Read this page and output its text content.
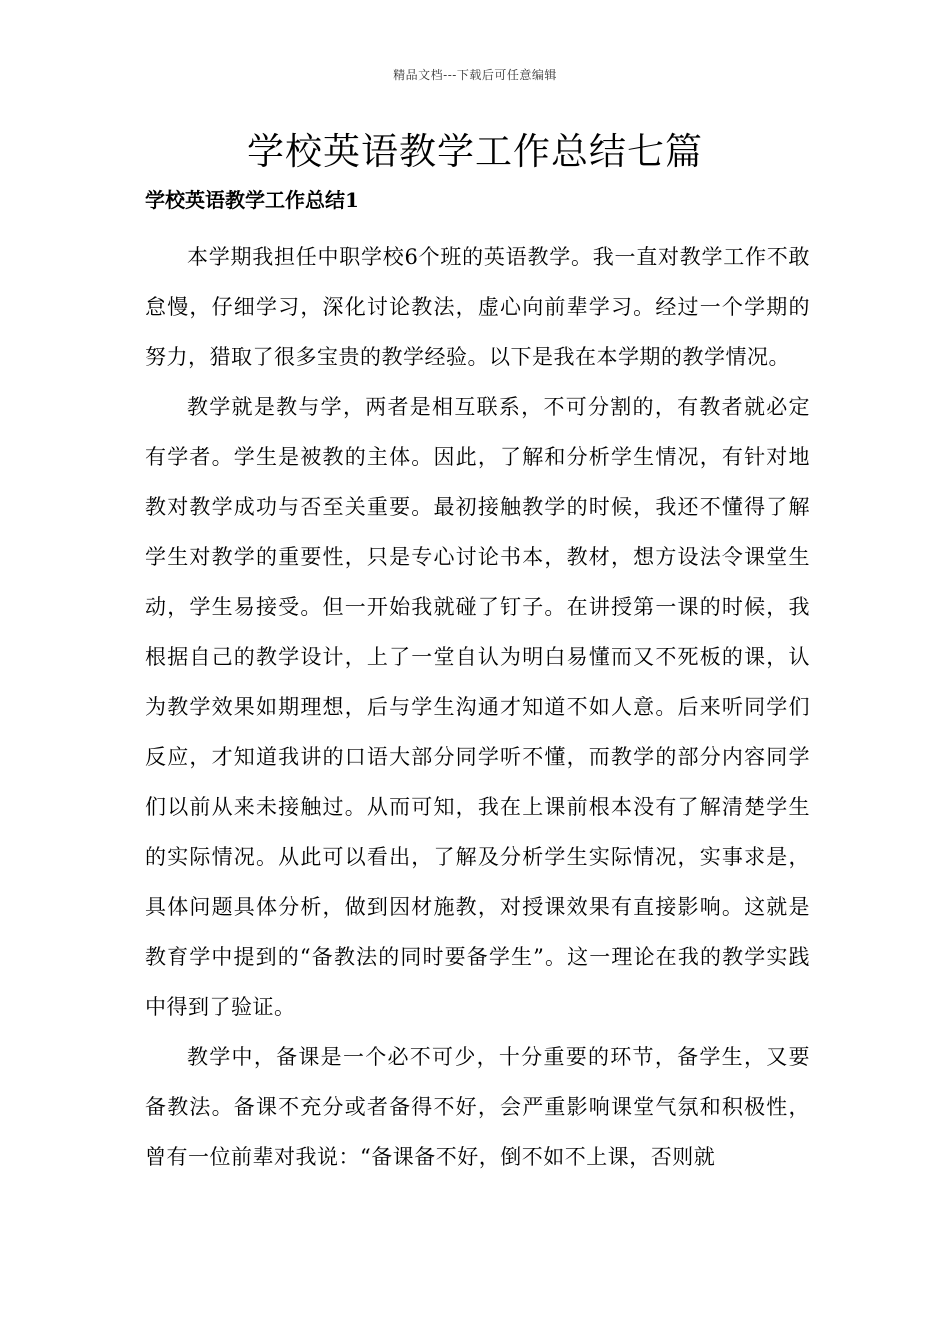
精品文档---下载后可任意编辑
学校英语教学工作总结七篇
学校英语教学工作总结1

本学期我担任中职学校6个班的英语教学。我一直对教学工作不敢怠慢，仔细学习，深化讨论教法，虚心向前辈学习。经过一个学期的努力，猎取了很多宝贵的教学经验。以下是我在本学期的教学情况。

教学就是教与学，两者是相互联系，不可分割的，有教者就必定有学者。学生是被教的主体。因此，了解和分析学生情况，有针对地教对教学成功与否至关重要。最初接触教学的时候，我还不懂得了解学生对教学的重要性，只是专心讨论书本，教材，想方设法令课堂生动，学生易接受。但一开始我就碰了钉子。在讲授第一课的时候，我根据自己的教学设计，上了一堂自认为明白易懂而又不死板的课，认为教学效果如期理想，后与学生沟通才知道不如人意。后来听同学们反应，才知道我讲的口语大部分同学听不懂，而教学的部分内容同学们以前从来未接触过。从而可知，我在上课前根本没有了解清楚学生的实际情况。从此可以看出，了解及分析学生实际情况，实事求是，具体问题具体分析，做到因材施教，对授课效果有直接影响。这就是教育学中提到的“备教法的同时要备学生”。这一理论在我的教学实践中得到了验证。

教学中，备课是一个必不可少，十分重要的环节，备学生，又要备教法。备课不充分或者备得不好，会严重影响课堂气氛和积极性，曾有一位前辈对我说：“备课备不好，倒不如不上课，否则就
